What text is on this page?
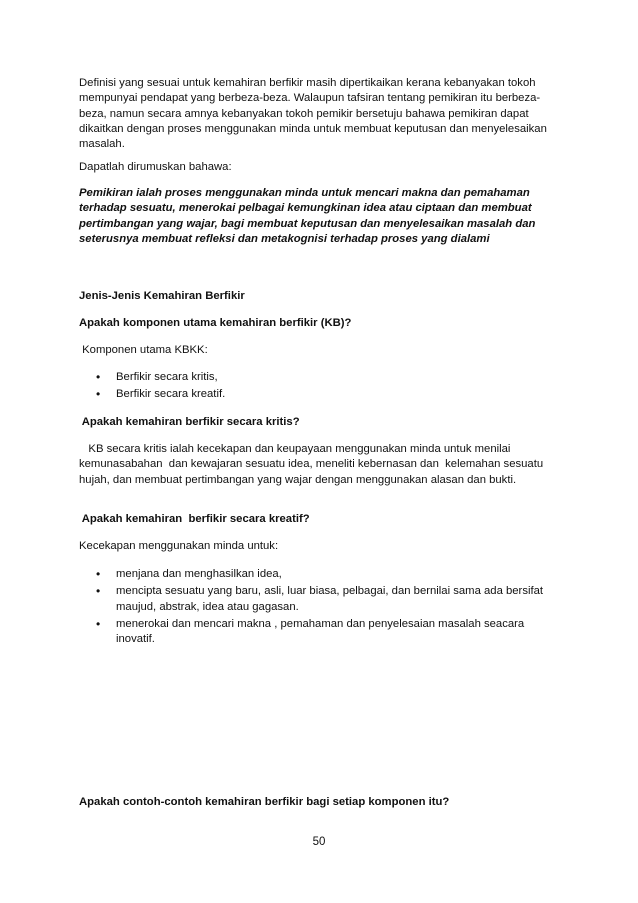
Definisi yang sesuai untuk kemahiran berfikir masih dipertikaikan kerana kebanyakan tokoh mempunyai pendapat yang berbeza-beza. Walaupun tafsiran tentang pemikiran itu berbeza-beza, namun secara amnya kebanyakan tokoh pemikir bersetuju bahawa pemikiran dapat dikaitkan dengan proses menggunakan minda untuk membuat keputusan dan menyelesaikan masalah.
Dapatlah dirumuskan bahawa:
Pemikiran ialah proses menggunakan minda untuk mencari makna dan pemahaman terhadap sesuatu, menerokai pelbagai kemungkinan idea atau ciptaan dan membuat pertimbangan yang wajar, bagi membuat keputusan dan menyelesaikan masalah dan seterusnya membuat refleksi dan metakognisi terhadap proses yang dialami
Jenis-Jenis Kemahiran Berfikir
Apakah komponen utama kemahiran berfikir (KB)?
Komponen utama KBKK:
• Berfikir secara kritis,
• Berfikir secara kreatif.
Apakah kemahiran berfikir secara kritis?
KB secara kritis ialah kecekapan dan keupayaan menggunakan minda untuk menilai kemunasabahan  dan kewajaran sesuatu idea, meneliti kebernasan dan  kelemahan sesuatu hujah, dan membuat pertimbangan yang wajar dengan menggunakan alasan dan bukti.
Apakah kemahiran  berfikir secara kreatif?
Kecekapan menggunakan minda untuk:
• menjana dan menghasilkan idea,
• mencipta sesuatu yang baru, asli, luar biasa, pelbagai, dan bernilai sama ada bersifat maujud, abstrak, idea atau gagasan.
• menerokai dan mencari makna , pemahaman dan penyelesaian masalah seacara inovatif.
Apakah contoh-contoh kemahiran berfikir bagi setiap komponen itu?
50
